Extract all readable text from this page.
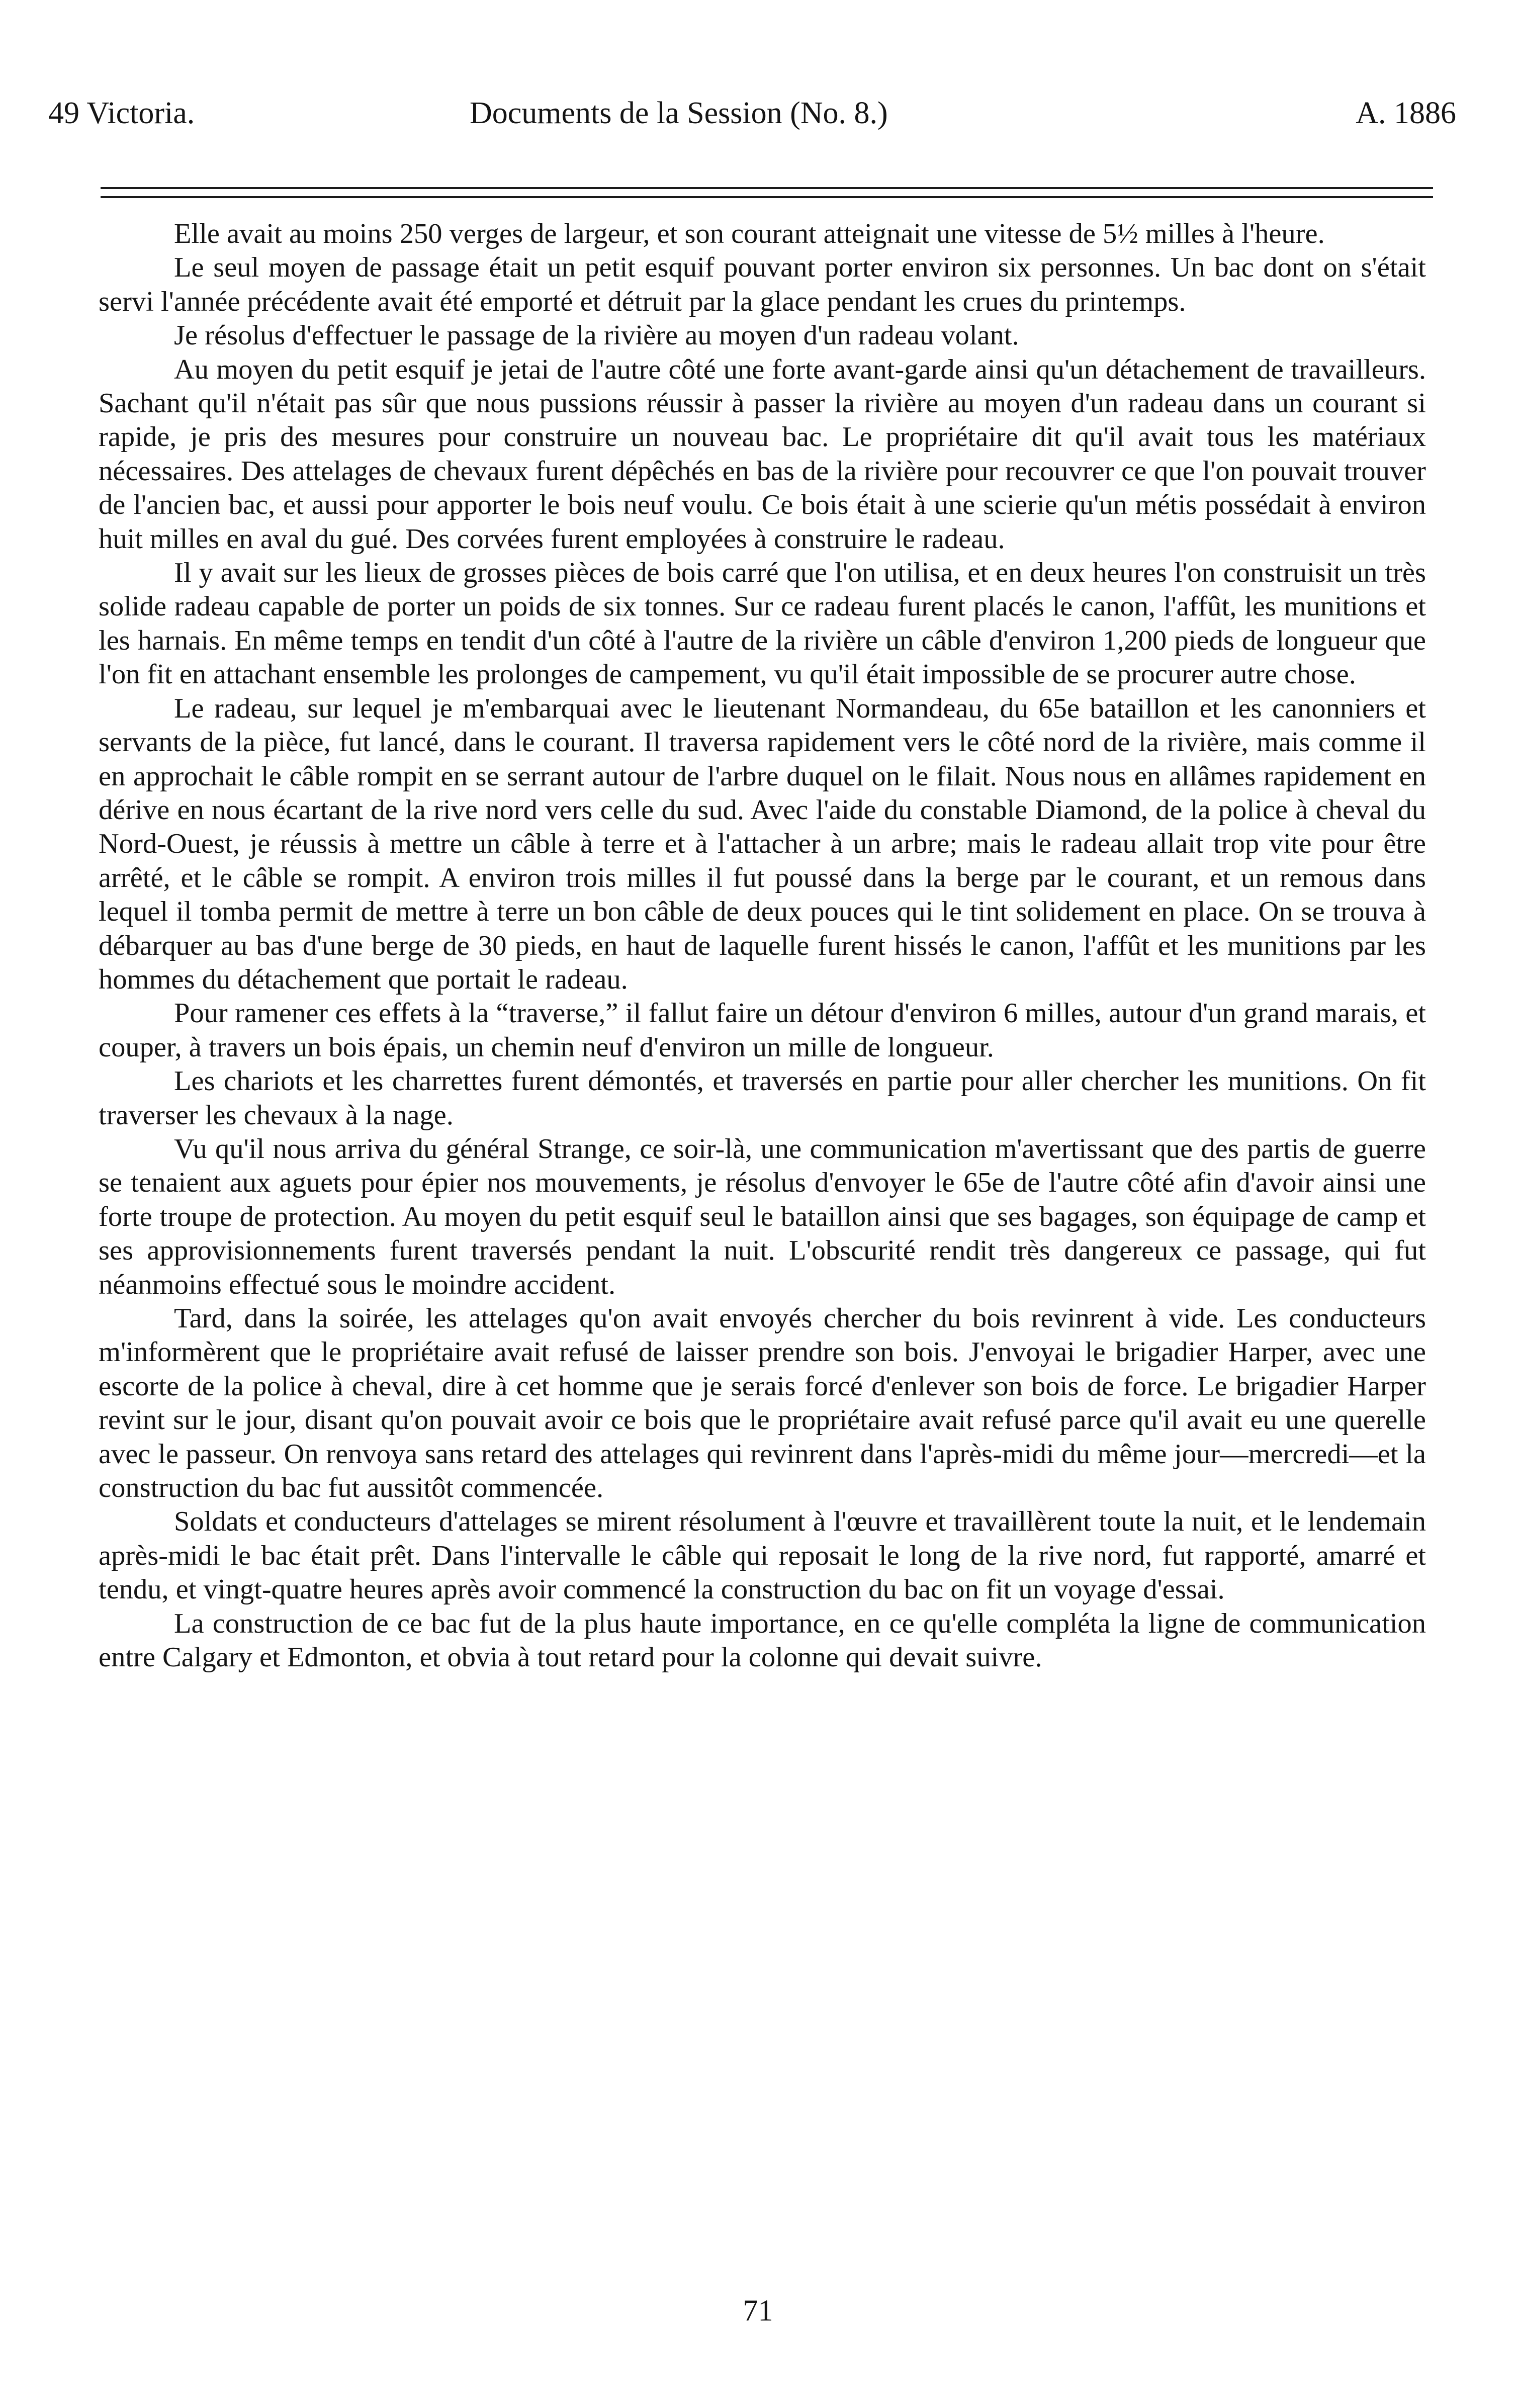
49 Victoria.	Documents de la Session (No. 8.)	A. 1886

Elle avait au moins 250 verges de largeur, et son courant atteignait une vitesse de 5½ milles à l'heure.

Le seul moyen de passage était un petit esquif pouvant porter environ six personnes. Un bac dont on s'était servi l'année précédente avait été emporté et détruit par la glace pendant les crues du printemps.

Je résolus d'effectuer le passage de la rivière au moyen d'un radeau volant.

Au moyen du petit esquif je jetai de l'autre côté une forte avant-garde ainsi qu'un détachement de travailleurs. Sachant qu'il n'était pas sûr que nous pussions réussir à passer la rivière au moyen d'un radeau dans un courant si rapide, je pris des mesures pour construire un nouveau bac. Le propriétaire dit qu'il avait tous les matériaux nécessaires. Des attelages de chevaux furent dépêchés en bas de la rivière pour recouvrer ce que l'on pouvait trouver de l'ancien bac, et aussi pour apporter le bois neuf voulu. Ce bois était à une scierie qu'un métis possédait à environ huit milles en aval du gué. Des corvées furent employées à construire le radeau.

Il y avait sur les lieux de grosses pièces de bois carré que l'on utilisa, et en deux heures l'on construisit un très solide radeau capable de porter un poids de six tonnes. Sur ce radeau furent placés le canon, l'affût, les munitions et les harnais. En même temps en tendit d'un côté à l'autre de la rivière un câble d'environ 1,200 pieds de longueur que l'on fit en attachant ensemble les prolonges de campement, vu qu'il était impossible de se procurer autre chose.

Le radeau, sur lequel je m'embarquai avec le lieutenant Normandeau, du 65e bataillon et les canonniers et servants de la pièce, fut lancé, dans le courant. Il traversa rapidement vers le côté nord de la rivière, mais comme il en approchait le câble rompit en se serrant autour de l'arbre duquel on le filait. Nous nous en allâmes rapidement en dérive en nous écartant de la rive nord vers celle du sud. Avec l'aide du constable Diamond, de la police à cheval du Nord-Ouest, je réussis à mettre un câble à terre et à l'attacher à un arbre; mais le radeau allait trop vite pour être arrêté, et le câble se rompit. A environ trois milles il fut poussé dans la berge par le courant, et un remous dans lequel il tomba permit de mettre à terre un bon câble de deux pouces qui le tint solidement en place. On se trouva à débarquer au bas d'une berge de 30 pieds, en haut de laquelle furent hissés le canon, l'affût et les munitions par les hommes du détachement que portait le radeau.

Pour ramener ces effets à la “traverse,” il fallut faire un détour d'environ 6 milles, autour d'un grand marais, et couper, à travers un bois épais, un chemin neuf d'environ un mille de longueur.

Les chariots et les charrettes furent démontés, et traversés en partie pour aller chercher les munitions. On fit traverser les chevaux à la nage.

Vu qu'il nous arriva du général Strange, ce soir-là, une communication m'avertissant que des partis de guerre se tenaient aux aguets pour épier nos mouvements, je résolus d'envoyer le 65e de l'autre côté afin d'avoir ainsi une forte troupe de protection. Au moyen du petit esquif seul le bataillon ainsi que ses bagages, son équipage de camp et ses approvisionnements furent traversés pendant la nuit. L'obscurité rendit très dangereux ce passage, qui fut néanmoins effectué sous le moindre accident.

Tard, dans la soirée, les attelages qu'on avait envoyés chercher du bois revinrent à vide. Les conducteurs m'informèrent que le propriétaire avait refusé de laisser prendre son bois. J'envoyai le brigadier Harper, avec une escorte de la police à cheval, dire à cet homme que je serais forcé d'enlever son bois de force. Le brigadier Harper revint sur le jour, disant qu'on pouvait avoir ce bois que le propriétaire avait refusé parce qu'il avait eu une querelle avec le passeur. On renvoya sans retard des attelages qui revinrent dans l'après-midi du même jour—mercredi—et la construction du bac fut aussitôt commencée.

Soldats et conducteurs d'attelages se mirent résolument à l'œuvre et travaillèrent toute la nuit, et le lendemain après-midi le bac était prêt. Dans l'intervalle le câble qui reposait le long de la rive nord, fut rapporté, amarré et tendu, et vingt-quatre heures après avoir commencé la construction du bac on fit un voyage d'essai.

La construction de ce bac fut de la plus haute importance, en ce qu'elle compléta la ligne de communication entre Calgary et Edmonton, et obvia à tout retard pour la colonne qui devait suivre.

71
